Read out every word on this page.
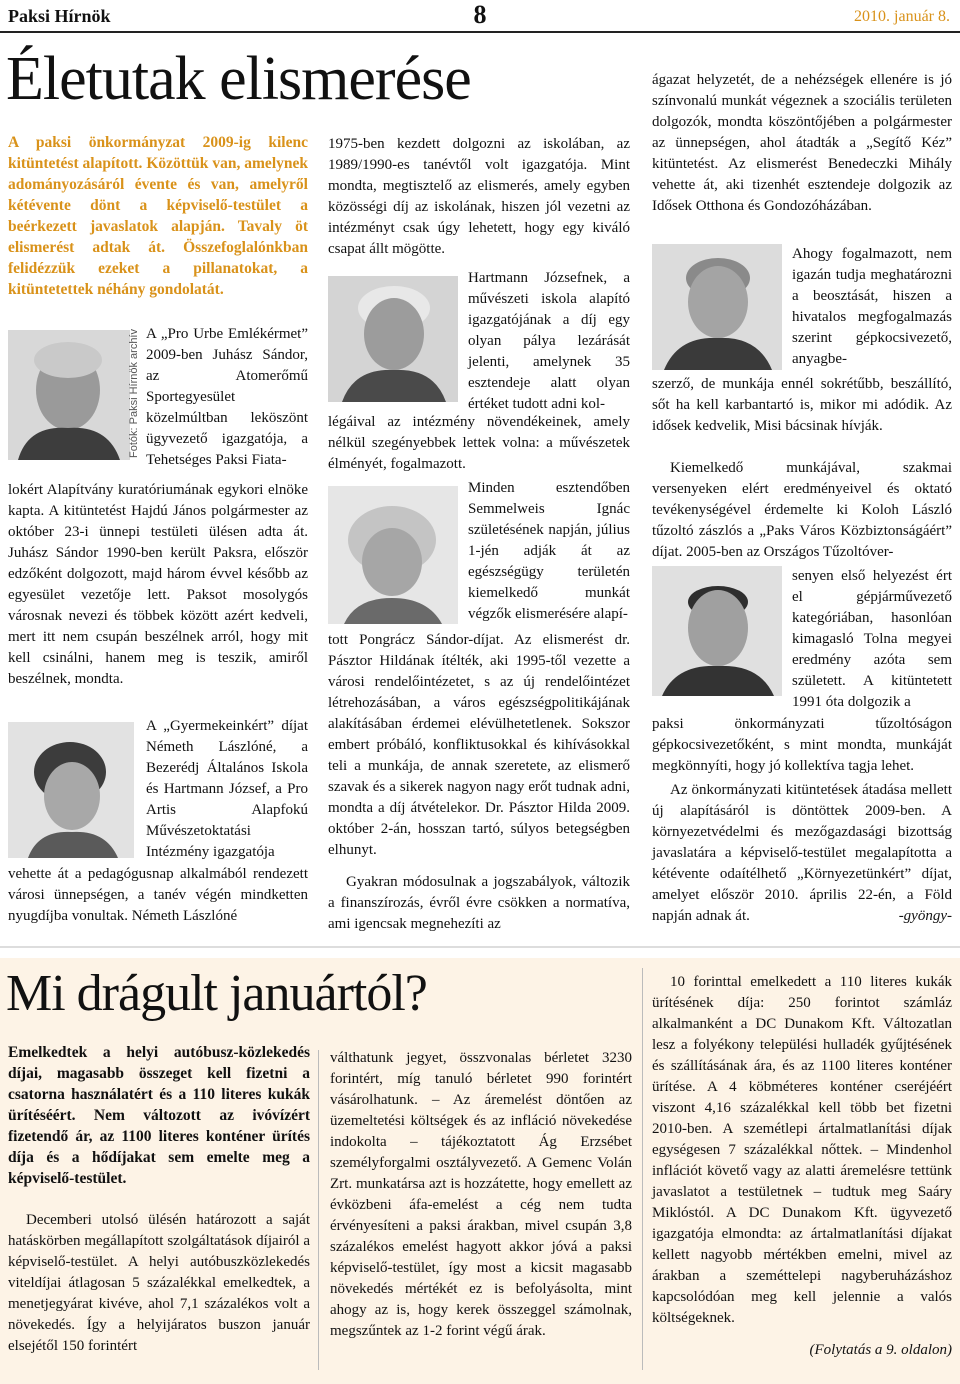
Paksi Hírnök	8	2010. január 8.
Életutak elismerése
A paksi önkormányzat 2009-ig kilenc kitüntetést alapított. Közöttük van, amelynek adományozásáról évente és van, amelyről kétévente dönt a képviselő-testület a beérkezett javaslatok alapján. Tavaly öt elismerést adtak át. Összefoglalónkban felidézzük ezeket a pillanatokat, a kitüntetettek néhány gondolatát.
Fotók: Paksi Hírnök archív A „Pro Urbe Emlékérmet” 2009-ben Juhász Sándor, az Atomerőmű Sportegyesület közelmúltban leköszönt ügyvezető igazgatója, a Tehetséges Paksi Fiata-
lokért Alapítvány kuratóriumának egykori elnöke kapta. A kitüntetést Hajdú János polgármester az október 23-i ünnepi testületi ülésen adta át. Juhász Sándor 1990-ben került Paksra, először edzőként dolgozott, majd három évvel később az egyesület vezetője lett. Paksot mosolygós városnak nevezi és többek között azért kedveli, mert itt nem csupán beszélnek arról, hogy mit kell csinálni, hanem meg is teszik, amiről beszélnek, mondta.
A „Gyermekeinkért” díjat Németh Lászlóné, a Bezerédj Általános Iskola és Hartmann József, a Pro Artis Alapfokú Művészetoktatási Intézmény igazgatója
vehette át a pedagógusnap alkalmából rendezett városi ünnepségen, a tanév végén mindketten nyugdíjba vonultak. Németh Lászlóné
1975-ben kezdett dolgozni az iskolában, az 1989/1990-es tanévtől volt igazgatója. Mint mondta, megtisztelő az elismerés, amely egyben közösségi díj az iskolának, hiszen jól vezetni az intézményt csak úgy lehetett, hogy egy kiváló csapat állt mögötte.
Hartmann Józsefnek, a művészeti iskola alapító igazgatójának a díj egy olyan pálya lezárását jelenti, amelynek 35 esztendeje alatt olyan értéket tudott adni kol-
légáival az intézmény növendékeinek, amely nélkül szegényebbek lettek volna: a művészetek élményét, fogalmazott.
Minden esztendőben Semmelweis Ignác születésének napján, július 1-jén adják át az egészségügy területén kiemelkedő munkát végzők elismerésére alapí-
tott Pongrácz Sándor-díjat. Az elismerést dr. Pásztor Hildának ítélték, aki 1995-től vezette a városi rendelőintézetet, s az új rendelőintézet létrehozásában, a város egészségpolitikájának alakításában érdemei elévülhetetlenek. Sokszor embert próbáló, konfliktusokkal és kihívásokkal teli a munkája, de annak szeretete, az elismerő szavak és a sikerek nagyon nagy erőt tudnak adni, mondta a díj átvételekor. Dr. Pásztor Hilda 2009. október 2-án, hosszan tartó, súlyos betegségben elhunyt.
Gyakran módosulnak a jogszabályok, változik a finanszírozás, évről évre csökken a normatíva, ami igencsak megnehezíti az
ágazat helyzetét, de a nehézségek ellenére is jó színvonalú munkát végeznek a szociális területen dolgozók, mondta köszöntőjében a polgármester az ünnepségen, ahol átadták a „Segítő Kéz” kitüntetést. Az elismerést Benedeczki Mihály vehette át, aki tizenhét esztendeje dolgozik az Idősek Otthona és Gondozóházában.
Ahogy fogalmazott, nem igazán tudja meghatározni a beosztását, hiszen a hivatalos megfogalmazás szerint gépkocsivezető, anyagbe-
szerző, de munkája ennél sokrétűbb, beszállító, sőt ha kell karbantartó is, mikor mi adódik. Az idősek kedvelik, Misi bácsinak hívják.
Kiemelkedő munkájával, szakmai versenyeken elért eredményeivel és oktató tevékenységével érdemelte ki Koloh László tűzoltó zászlós a „Paks Város Közbiztonságáért” díjat. 2005-ben az Országos Tűzoltóver-
senyen első helyezést ért el gépjárművezető kategóriában, hasonlóan kimagasló Tolna megyei eredmény azóta sem született. A kitüntetett 1991 óta dolgozik a
paksi önkormányzati tűzoltóságon gépkocsivezetőként, s mint mondta, munkáját megkönnyíti, hogy jó kollektíva tagja lehet.
Az önkormányzati kitüntetések átadása mellett új alapításáról is döntöttek 2009-ben. A környezetvédelmi és mezőgazdasági bizottság javaslatára a képviselő-testület megalapította a kétévente odaítélhető „Környezetünkért” díjat, amelyet először 2010. április 22-én, a Föld napján adnak át.	-gyöngy-
Mi drágult januártól?
Emelkedtek a helyi autóbusz-közlekedés díjai, magasabb összeget kell fizetni a csatorna használatért és a 110 literes kukák ürítéséért. Nem változott az ivóvízért fizetendő ár, az 1100 literes konténer ürítés díja és a hődíjakat sem emelte meg a képviselő-testület.
Decemberi utolsó ülésén határozott a saját hatáskörben megállapított szolgáltatások díjairól a képviselő-testület. A helyi autóbuszközlekedés viteldíjai átlagosan 5 százalékkal emelkedtek, a menetjegyárat kivéve, ahol 7,1 százalékos volt a növekedés. Így a helyijáratos buszon január elsejétől 150 forintért
válthatunk jegyet, összvonalas bérletet 3230 forintért, míg tanuló bérletet 990 forintért vásárolhatunk. – Az áremelést döntően az üzemeltetési költségek és az infláció növekedése indokolta – tájékoztatott Ág Erzsébet személyforgalmi osztályvezető. A Gemenc Volán Zrt. munkatársa azt is hozzátette, hogy emellett az évközbeni áfa-emelést a cég nem tudta érvényesíteni a paksi árakban, mivel csupán 3,8 százalékos emelést hagyott akkor jóvá a paksi képviselő-testület, így most a kicsit magasabb növekedés mértékét ez is befolyásolta, mint ahogy az is, hogy kerek összeggel számolnak, megszűntek az 1-2 forint végű árak.
10 forinttal emelkedett a 110 literes kukák ürítésének díja: 250 forintot számláz alkalmanként a DC Dunakom Kft. Változatlan lesz a folyékony települési hulladék gyűjtésének és szállításának ára, és az 1100 literes konténer ürítése. A 4 köbméteres konténer cseréjéért viszont 4,16 százalékkal kell több bet fizetni 2010-ben. A szemétlepi ártalmatlanítási díjak egységesen 7 százalékkal nőttek. – Mindenhol inflációt követő vagy az alatti áremelésre tettünk javaslatot a testületnek – tudtuk meg Saáry Miklóstól. A DC Dunakom Kft. ügyvezető igazgatója elmondta: az ártalmatlanítási díjakat kellett nagyobb mértékben emelni, mivel az árakban a szeméttelepi nagyberuházáshoz kapcsolódóan meg kell jelennie a valós költségeknek.
(Folytatás a 9. oldalon)
